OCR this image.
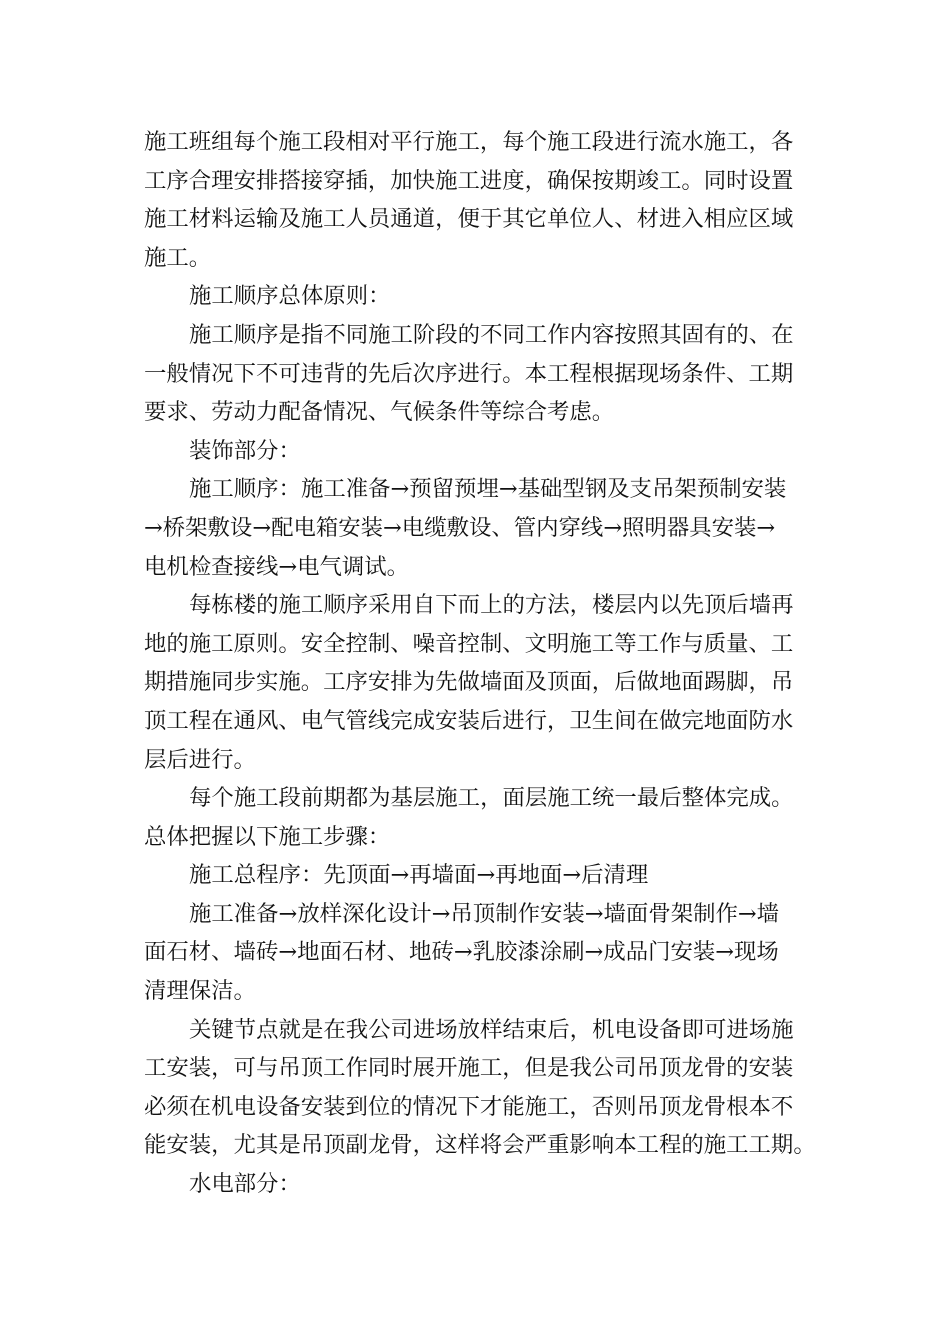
施工班组每个施工段相对平行施工，每个施工段进行流水施工，各
工序合理安排搭接穿插，加快施工进度，确保按期竣工。同时设置
施工材料运输及施工人员通道，便于其它单位人、材进入相应区域
施工。
施工顺序总体原则：
施工顺序是指不同施工阶段的不同工作内容按照其固有的、在
一般情况下不可违背的先后次序进行。本工程根据现场条件、工期
要求、劳动力配备情况、气候条件等综合考虑。
装饰部分：
施工顺序：施工准备→预留预埋→基础型钢及支吊架预制安装
→桥架敷设→配电箱安装→电缆敷设、管内穿线→照明器具安装→
电机检查接线→电气调试。
每栋楼的施工顺序采用自下而上的方法，楼层内以先顶后墙再
地的施工原则。安全控制、噪音控制、文明施工等工作与质量、工
期措施同步实施。工序安排为先做墙面及顶面，后做地面踢脚，吊
顶工程在通风、电气管线完成安装后进行，卫生间在做完地面防水
层后进行。
每个施工段前期都为基层施工，面层施工统一最后整体完成。
总体把握以下施工步骤：
施工总程序：先顶面→再墙面→再地面→后清理
施工准备→放样深化设计→吊顶制作安装→墙面骨架制作→墙
面石材、墙砖→地面石材、地砖→乳胶漆涂刷→成品门安装→现场
清理保洁。
关键节点就是在我公司进场放样结束后，机电设备即可进场施
工安装，可与吊顶工作同时展开施工，但是我公司吊顶龙骨的安装
必须在机电设备安装到位的情况下才能施工，否则吊顶龙骨根本不
能安装，尤其是吊顶副龙骨，这样将会严重影响本工程的施工工期。
水电部分：
